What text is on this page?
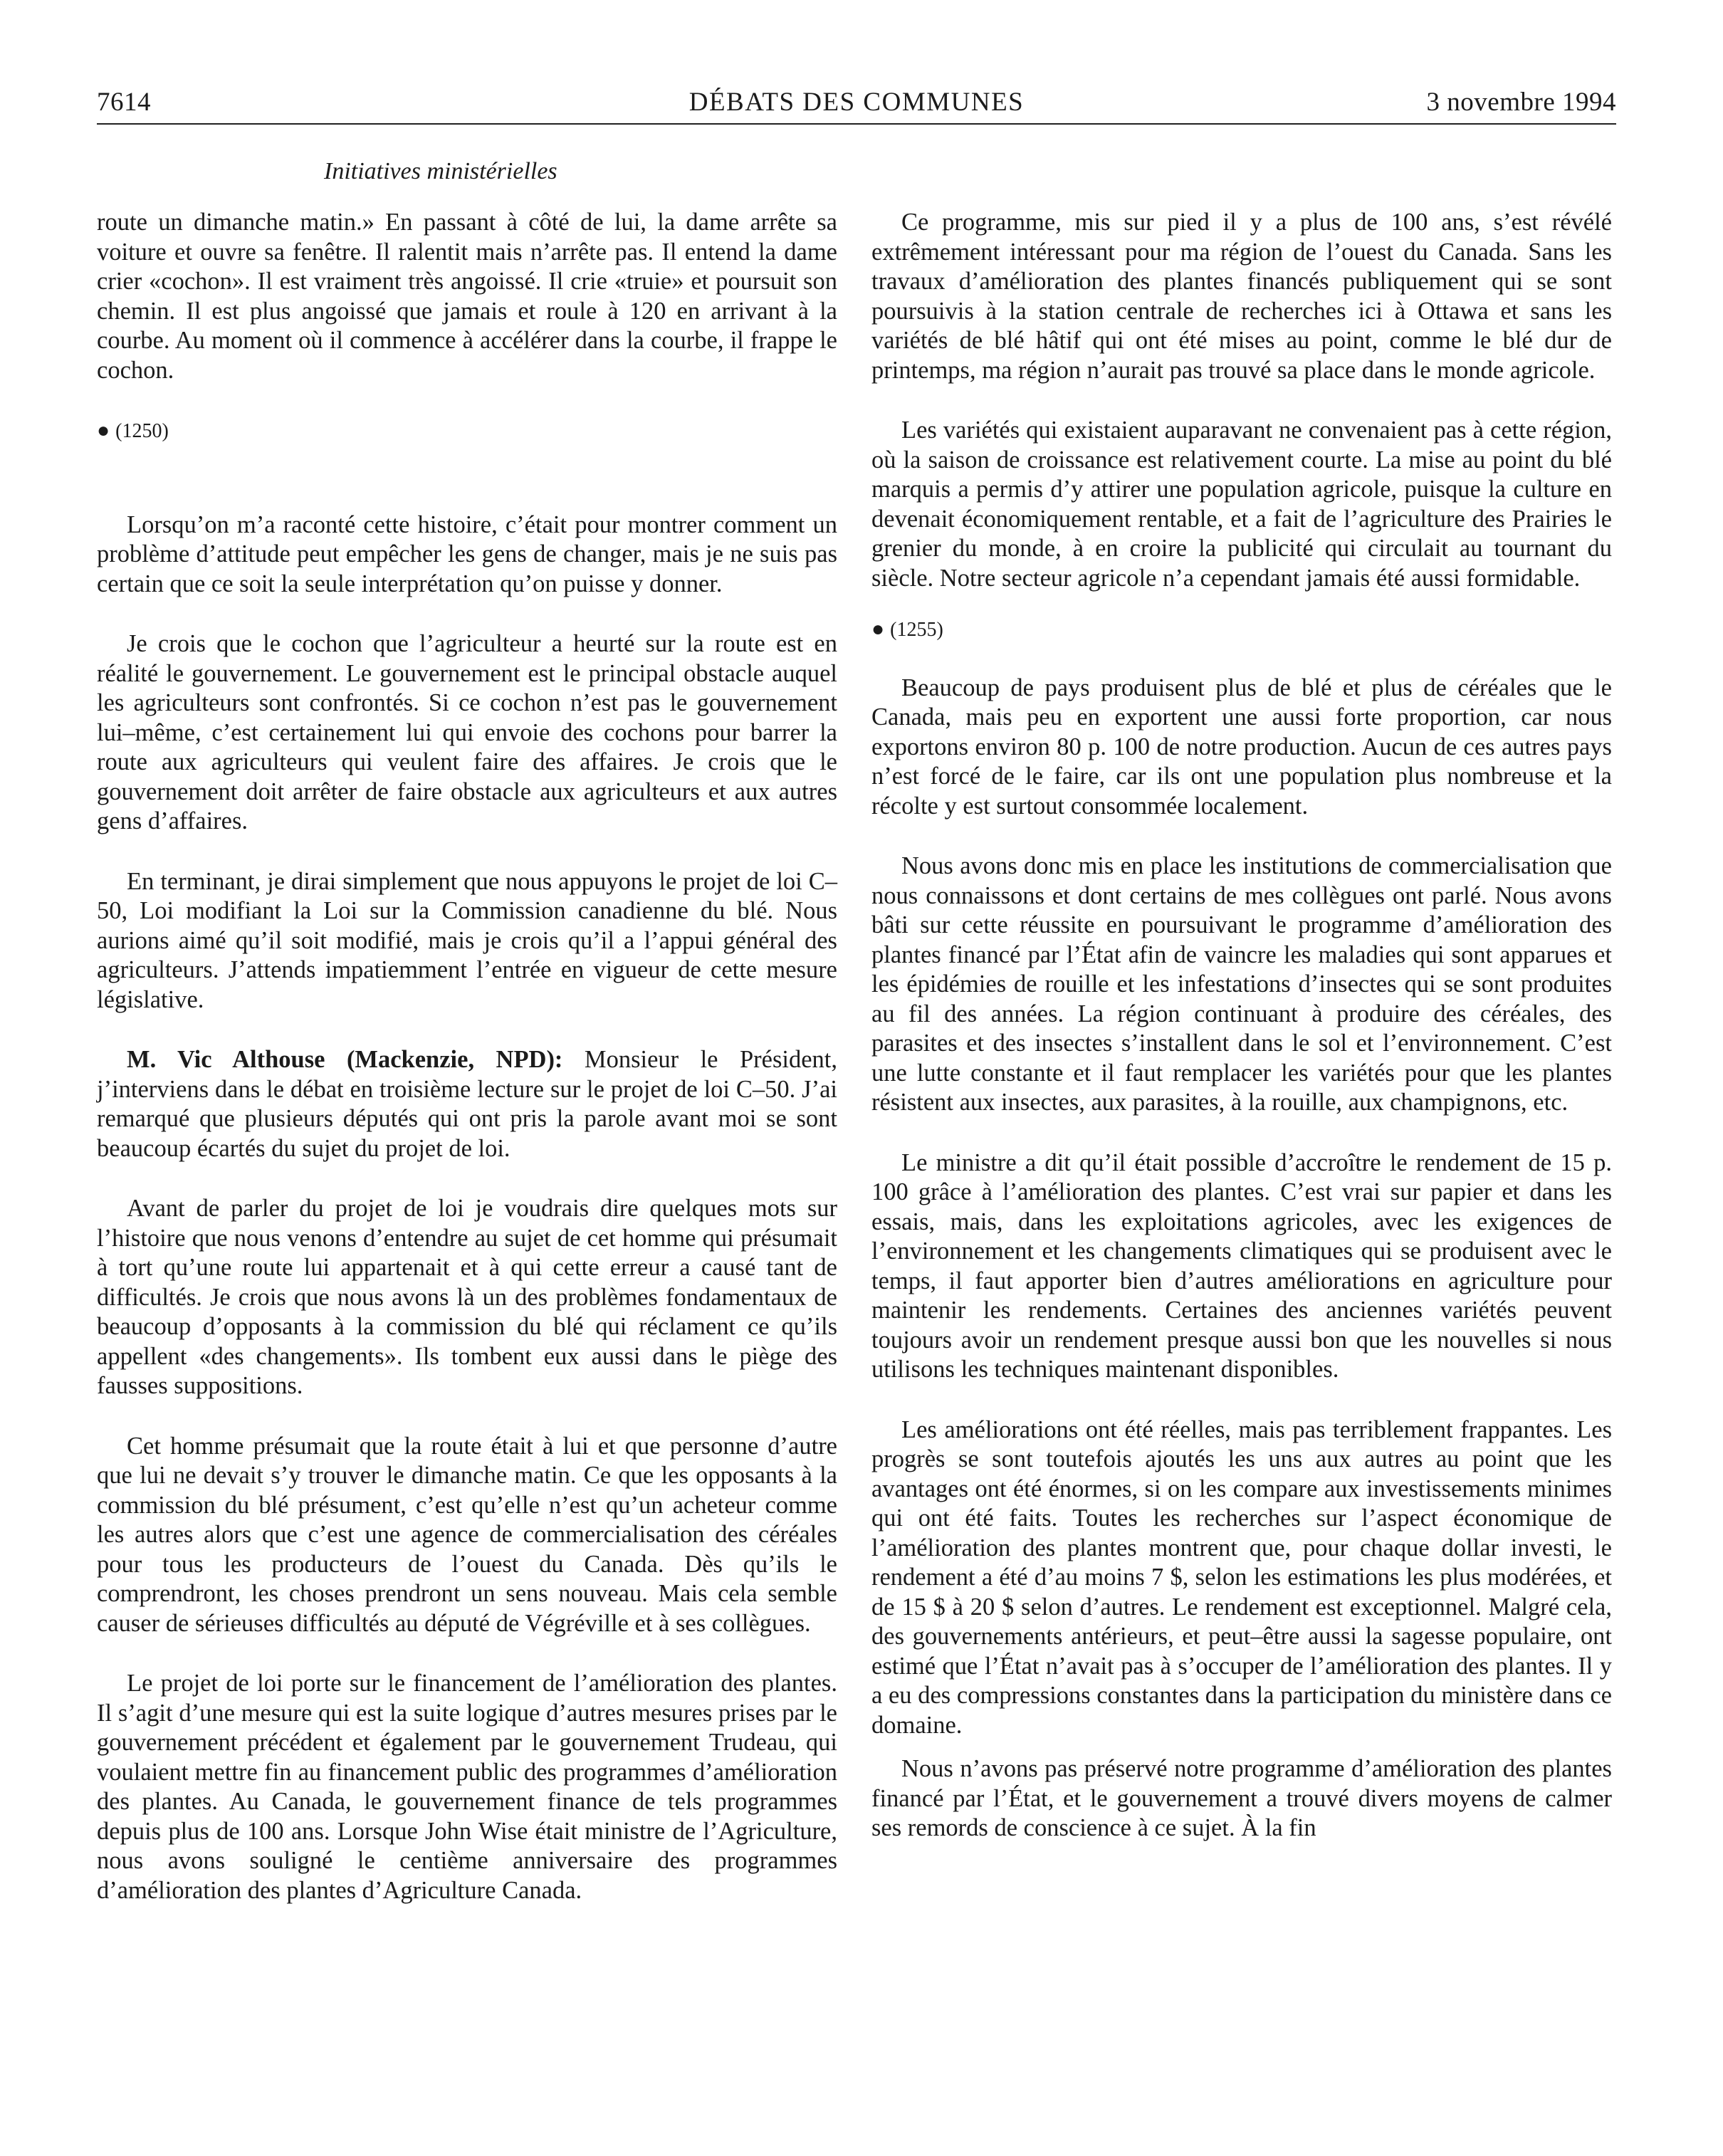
7614	DÉBATS DES COMMUNES	3 novembre 1994
Initiatives ministérielles

route un dimanche matin.» En passant à côté de lui, la dame arrête sa voiture et ouvre sa fenêtre. Il ralentit mais n’arrête pas. Il entend la dame crier «cochon». Il est vraiment très angoissé. Il crie «truie» et poursuit son chemin. Il est plus angoissé que jamais et roule à 120 en arrivant à la courbe. Au moment où il commence à accélérer dans la courbe, il frappe le cochon.

● (1250)

Lorsqu’on m’a raconté cette histoire, c’était pour montrer comment un problème d’attitude peut empêcher les gens de changer, mais je ne suis pas certain que ce soit la seule interprétation qu’on puisse y donner.

Je crois que le cochon que l’agriculteur a heurté sur la route est en réalité le gouvernement. Le gouvernement est le principal obstacle auquel les agriculteurs sont confrontés. Si ce cochon n’est pas le gouvernement lui–même, c’est certainement lui qui envoie des cochons pour barrer la route aux agriculteurs qui veulent faire des affaires. Je crois que le gouvernement doit arrêter de faire obstacle aux agriculteurs et aux autres gens d’affaires.

En terminant, je dirai simplement que nous appuyons le projet de loi C–50, Loi modifiant la Loi sur la Commission canadienne du blé. Nous aurions aimé qu’il soit modifié, mais je crois qu’il a l’appui général des agriculteurs. J’attends impatiemment l’entrée en vigueur de cette mesure législative.

M. Vic Althouse (Mackenzie, NPD): Monsieur le Président, j’interviens dans le débat en troisième lecture sur le projet de loi C–50. J’ai remarqué que plusieurs députés qui ont pris la parole avant moi se sont beaucoup écartés du sujet du projet de loi.

Avant de parler du projet de loi je voudrais dire quelques mots sur l’histoire que nous venons d’entendre au sujet de cet homme qui présumait à tort qu’une route lui appartenait et à qui cette erreur a causé tant de difficultés. Je crois que nous avons là un des problèmes fondamentaux de beaucoup d’opposants à la commission du blé qui réclament ce qu’ils appellent «des changements». Ils tombent eux aussi dans le piège des fausses suppositions.

Cet homme présumait que la route était à lui et que personne d’autre que lui ne devait s’y trouver le dimanche matin. Ce que les opposants à la commission du blé présument, c’est qu’elle n’est qu’un acheteur comme les autres alors que c’est une agence de commercialisation des céréales pour tous les producteurs de l’ouest du Canada. Dès qu’ils le comprendront, les choses prendront un sens nouveau. Mais cela semble causer de sérieuses difficultés au député de Végréville et à ses collègues.

Le projet de loi porte sur le financement de l’amélioration des plantes. Il s’agit d’une mesure qui est la suite logique d’autres mesures prises par le gouvernement précédent et également par le gouvernement Trudeau, qui voulaient mettre fin au financement public des programmes d’amélioration des plantes. Au Canada, le gouvernement finance de tels programmes depuis plus de 100 ans. Lorsque John Wise était ministre de l’Agriculture, nous avons souligné le centième anniversaire des programmes d’amélioration des plantes d’Agriculture Canada.

Ce programme, mis sur pied il y a plus de 100 ans, s’est révélé extrêmement intéressant pour ma région de l’ouest du Canada. Sans les travaux d’amélioration des plantes financés publiquement qui se sont poursuivis à la station centrale de recherches ici à Ottawa et sans les variétés de blé hâtif qui ont été mises au point, comme le blé dur de printemps, ma région n’aurait pas trouvé sa place dans le monde agricole.

Les variétés qui existaient auparavant ne convenaient pas à cette région, où la saison de croissance est relativement courte. La mise au point du blé marquis a permis d’y attirer une population agricole, puisque la culture en devenait économiquement rentable, et a fait de l’agriculture des Prairies le grenier du monde, à en croire la publicité qui circulait au tournant du siècle. Notre secteur agricole n’a cependant jamais été aussi formidable.

● (1255)

Beaucoup de pays produisent plus de blé et plus de céréales que le Canada, mais peu en exportent une aussi forte proportion, car nous exportons environ 80 p. 100 de notre production. Aucun de ces autres pays n’est forcé de le faire, car ils ont une population plus nombreuse et la récolte y est surtout consommée localement.

Nous avons donc mis en place les institutions de commercialisation que nous connaissons et dont certains de mes collègues ont parlé. Nous avons bâti sur cette réussite en poursuivant le programme d’amélioration des plantes financé par l’État afin de vaincre les maladies qui sont apparues et les épidémies de rouille et les infestations d’insectes qui se sont produites au fil des années. La région continuant à produire des céréales, des parasites et des insectes s’installent dans le sol et l’environnement. C’est une lutte constante et il faut remplacer les variétés pour que les plantes résistent aux insectes, aux parasites, à la rouille, aux champignons, etc.

Le ministre a dit qu’il était possible d’accroître le rendement de 15 p. 100 grâce à l’amélioration des plantes. C’est vrai sur papier et dans les essais, mais, dans les exploitations agricoles, avec les exigences de l’environnement et les changements climatiques qui se produisent avec le temps, il faut apporter bien d’autres améliorations en agriculture pour maintenir les rendements. Certaines des anciennes variétés peuvent toujours avoir un rendement presque aussi bon que les nouvelles si nous utilisons les techniques maintenant disponibles.

Les améliorations ont été réelles, mais pas terriblement frappantes. Les progrès se sont toutefois ajoutés les uns aux autres au point que les avantages ont été énormes, si on les compare aux investissements minimes qui ont été faits. Toutes les recherches sur l’aspect économique de l’amélioration des plantes montrent que, pour chaque dollar investi, le rendement a été d’au moins 7 $, selon les estimations les plus modérées, et de 15 $ à 20 $ selon d’autres. Le rendement est exceptionnel. Malgré cela, des gouvernements antérieurs, et peut–être aussi la sagesse populaire, ont estimé que l’État n’avait pas à s’occuper de l’amélioration des plantes. Il y a eu des compressions constantes dans la participation du ministère dans ce domaine.

Nous n’avons pas préservé notre programme d’amélioration des plantes financé par l’État, et le gouvernement a trouvé divers moyens de calmer ses remords de conscience à ce sujet. À la fin
